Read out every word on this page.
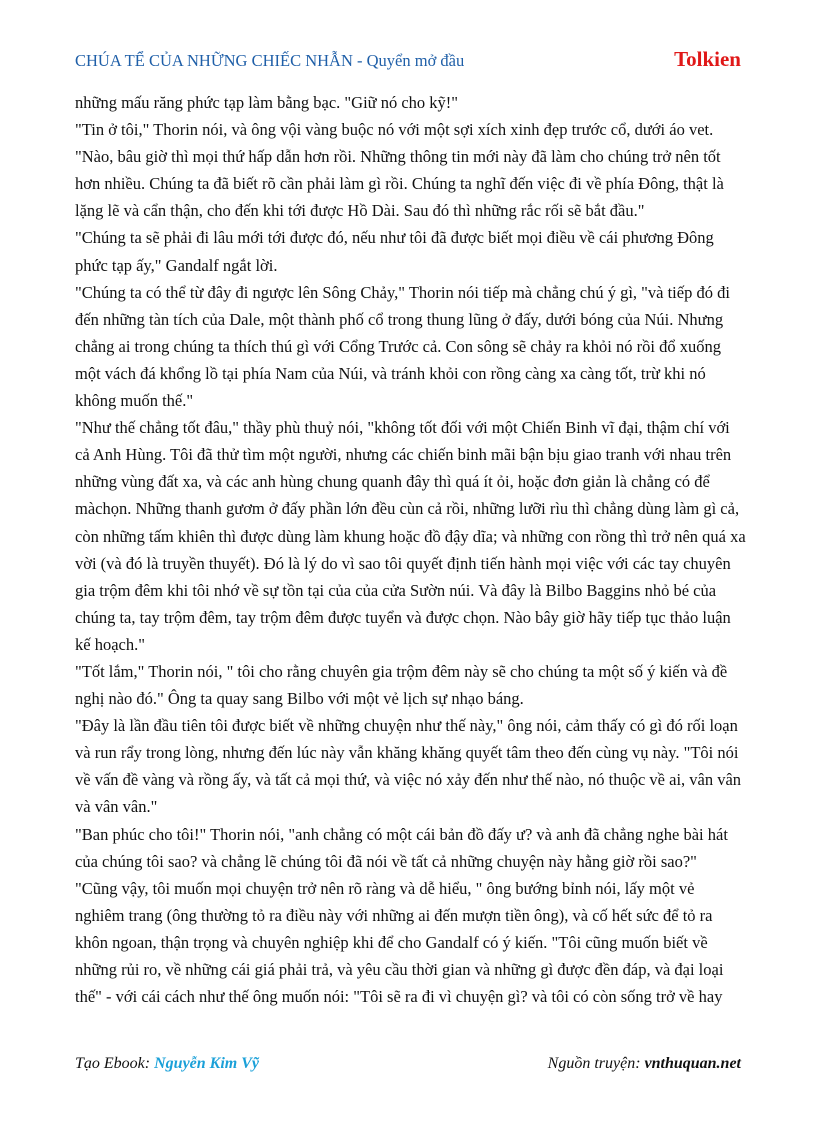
CHÚA TỂ CỦA NHỮNG CHIẾC NHẪN - Quyển mở đầu	Tolkien

những mấu răng phức tạp làm bằng bạc. "Giữ nó cho kỹ!"

"Tin ở tôi," Thorin nói, và ông vội vàng buộc nó với một sợi xích xinh đẹp trước cổ, dưới áo vet.

"Nào, bâu giờ thì mọi thứ hấp dẫn hơn rồi. Những thông tin mới này đã làm cho chúng trở nên tốt hơn nhiều. Chúng ta đã biết rõ cần phải làm gì rồi. Chúng ta nghĩ đến việc đi về phía Đông, thật là lặng lẽ và cẩn thận, cho đến khi tới được Hồ Dài. Sau đó thì những rắc rối sẽ bắt đầu."

"Chúng ta sẽ phải đi lâu mới tới được đó, nếu như tôi đã được biết mọi điều về cái phương Đông phức tạp ấy," Gandalf ngắt lời.

"Chúng ta có thể từ đây đi ngược lên Sông Chảy," Thorin nói tiếp mà chẳng chú ý gì, "và tiếp đó đi đến những tàn tích của Dale, một thành phố cổ trong thung lũng ở đấy, dưới bóng của Núi. Nhưng chẳng ai trong chúng ta thích thú gì với Cổng Trước cả. Con sông sẽ chảy ra khỏi nó rồi đổ xuống một vách đá khổng lồ tại phía Nam của Núi, và tránh khỏi con rồng càng xa càng tốt, trừ khi nó không muốn thế."

"Như thế chẳng tốt đâu," thầy phù thuỷ nói, "không tốt đối với một Chiến Binh vĩ đại, thậm chí với cả Anh Hùng. Tôi đã thử tìm một người, nhưng các chiến binh mãi bận bịu giao tranh với nhau trên những vùng đất xa, và các anh hùng chung quanh đây thì quá ít ỏi, hoặc đơn giản là chẳng có để màchọn. Những thanh gươm ở đấy phần lớn đều cùn cả rồi, những lưỡi rìu thì chẳng dùng làm gì cả, còn những tấm khiên thì được dùng làm khung hoặc đồ đậy dĩa; và những con rồng thì trở nên quá xa vời (và đó là truyền thuyết). Đó là lý do vì sao tôi quyết định tiến hành mọi việc với các tay chuyên gia trộm đêm khi tôi nhớ về sự tồn tại của của cửa Sườn núi. Và đây là Bilbo Baggins nhỏ bé của chúng ta, tay trộm đêm, tay trộm đêm được tuyển và được chọn. Nào bây giờ hãy tiếp tục thảo luận kế hoạch."

"Tốt lắm," Thorin nói, " tôi cho rằng chuyên gia trộm đêm này sẽ cho chúng ta một số ý kiến và đề nghị nào đó." Ông ta quay sang Bilbo với một vẻ lịch sự nhạo báng.

"Đây là lần đầu tiên tôi được biết về những chuyện như thế này," ông nói, cảm thấy có gì đó rối loạn và run rẩy trong lòng, nhưng đến lúc này vẫn khăng khăng quyết tâm theo đến cùng vụ này. "Tôi nói về vấn đề vàng và rồng ấy, và tất cả mọi thứ, và việc nó xảy đến như thế nào, nó thuộc về ai, vân vân và vân vân."

"Ban phúc cho tôi!" Thorin nói, "anh chẳng có một cái bản đồ đấy ư? và anh đã chẳng nghe bài hát của chúng tôi sao? và chẳng lẽ chúng tôi đã nói về tất cả những chuyện này hằng giờ rồi sao?"

"Cũng vậy, tôi muốn mọi chuyện trở nên rõ ràng và dễ hiểu, " ông bướng bỉnh nói, lấy một vẻ nghiêm trang (ông thường tỏ ra điều này với những ai đến mượn tiền ông), và cố hết sức để tỏ ra khôn ngoan, thận trọng và chuyên nghiệp khi để cho Gandalf có ý kiến. "Tôi cũng muốn biết về những rủi ro, về những cái giá phải trả, và yêu cầu thời gian và những gì được đền đáp, và đại loại thế" - với cái cách như thế ông muốn nói: "Tôi sẽ ra đi vì chuyện gì? và tôi có còn sống trở về hay

Tạo Ebook: Nguyễn Kim Vỹ	Nguồn truyện: vnthuquan.net
